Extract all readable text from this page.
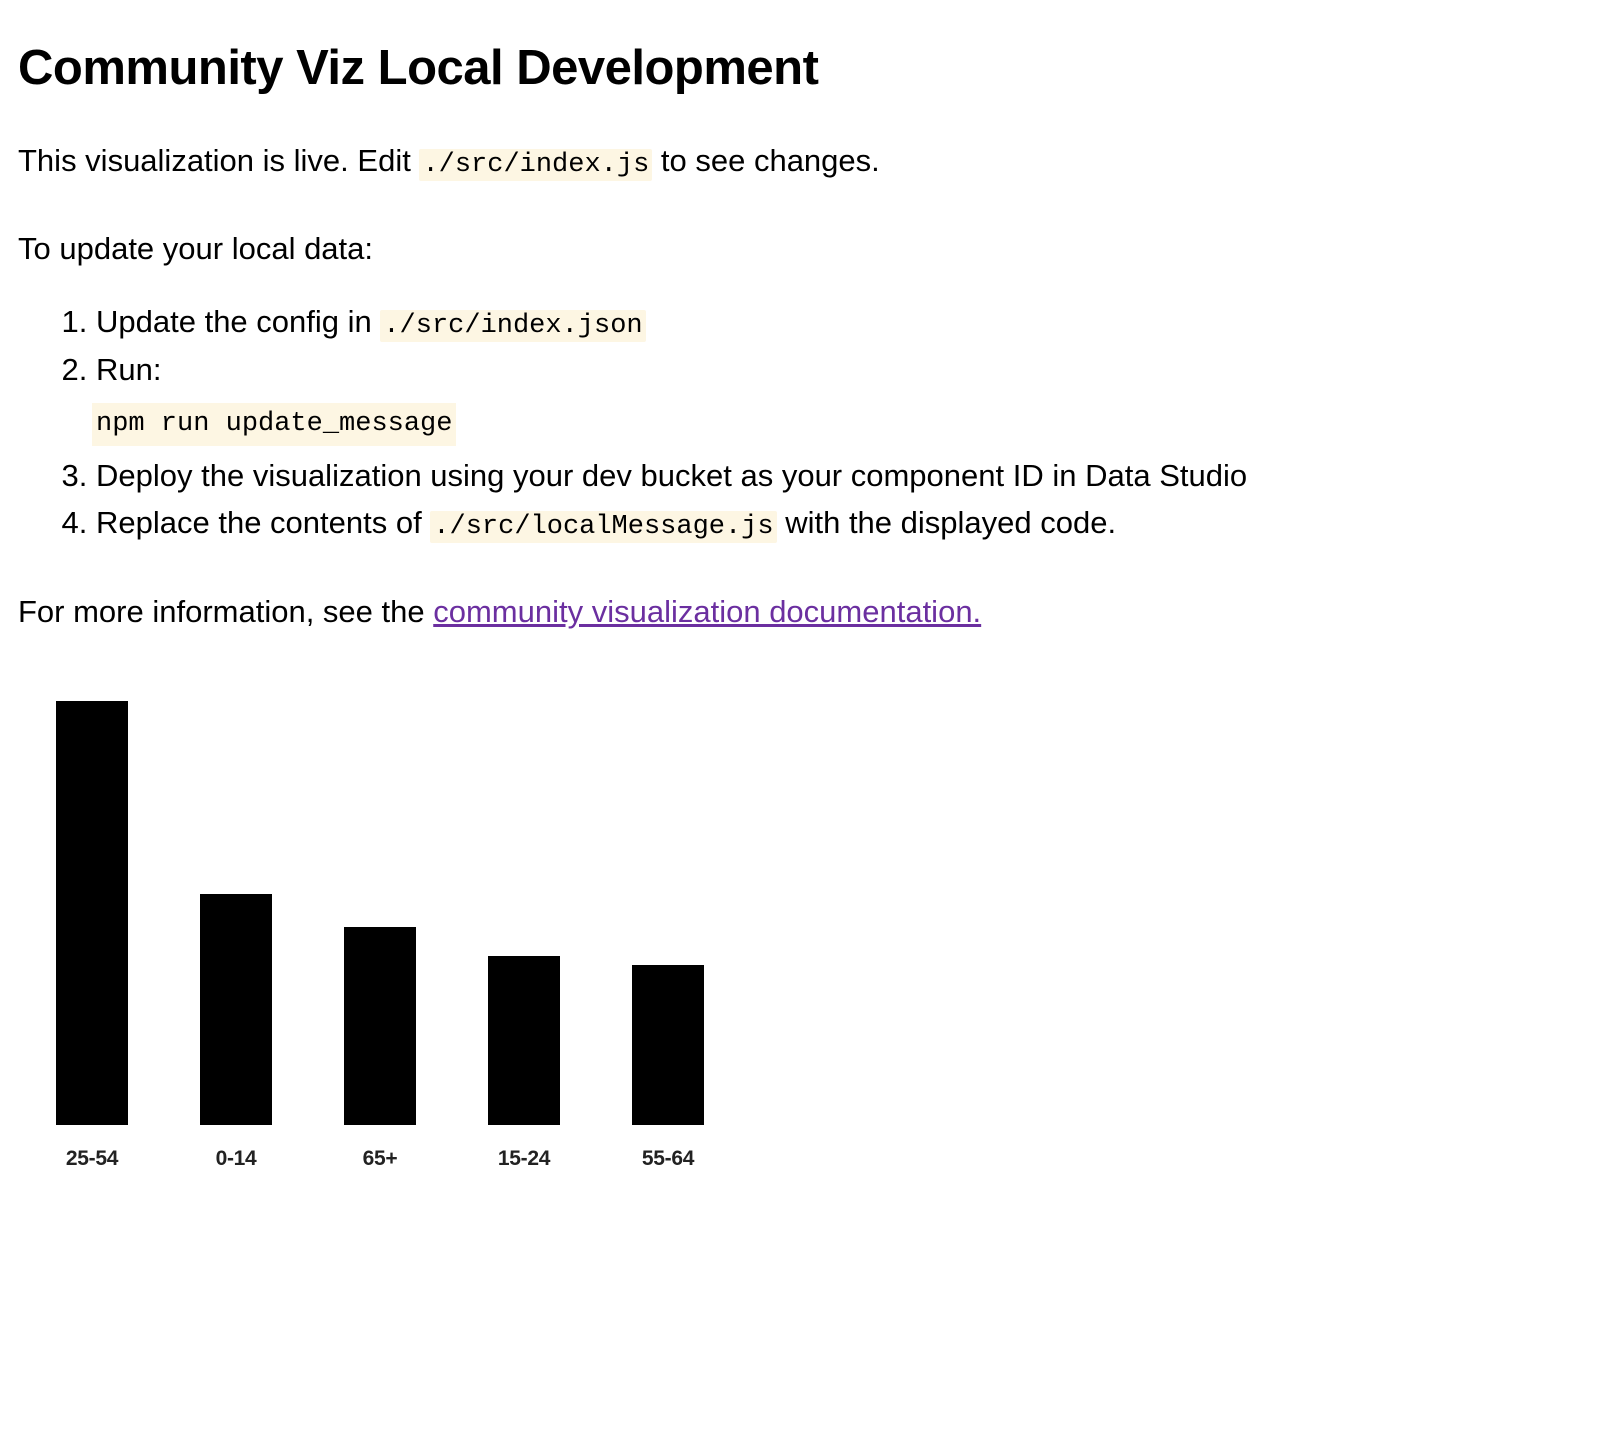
Community Viz Local Development

This visualization is live. Edit ./src/index.js to see changes.

To update your local data:

1. Update the config in ./src/index.json
2. Run:
npm run update_message
3. Deploy the visualization using your dev bucket as your component ID in Data Studio
4. Replace the contents of ./src/localMessage.js with the displayed code.

For more information, see the community visualization documentation.

25-54	0-14	65+	15-24	55-64
